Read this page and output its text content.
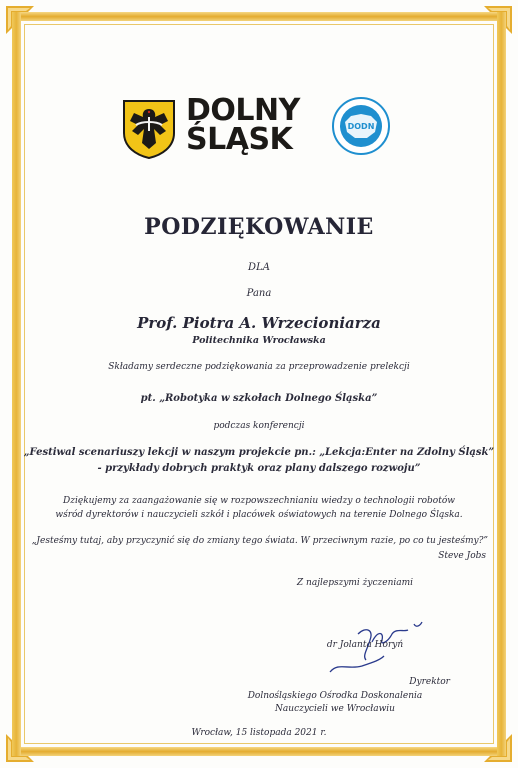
DOLNY
ŚLĄSK	DODN
PODZIĘKOWANIE
DLA
Pana
Prof. Piotra A. Wrzecioniarza
Politechnika Wrocławska
Składamy serdeczne podziękowania za przeprowadzenie prelekcji
pt. „Robotyka w szkołach Dolnego Śląska”
podczas konferencji
„Festiwal scenariuszy lekcji w naszym projekcie pn.: „Lekcja:Enter na Zdolny Śląsk”
- przykłady dobrych praktyk oraz plany dalszego rozwoju”
Dziękujemy za zaangażowanie się w rozpowszechnianiu wiedzy o technologii robotów
wśród dyrektorów i nauczycieli szkół i placówek oświatowych na terenie Dolnego Śląska.
„Jesteśmy tutaj, aby przyczynić się do zmiany tego świata. W przeciwnym razie, po co tu jesteśmy?”
Steve Jobs
Z najlepszymi życzeniami
dr Jolanta Horyń
Dyrektor
Dolnośląskiego Ośrodka Doskonalenia
Nauczycieli we Wrocławiu
Wrocław, 15 listopada 2021 r.
